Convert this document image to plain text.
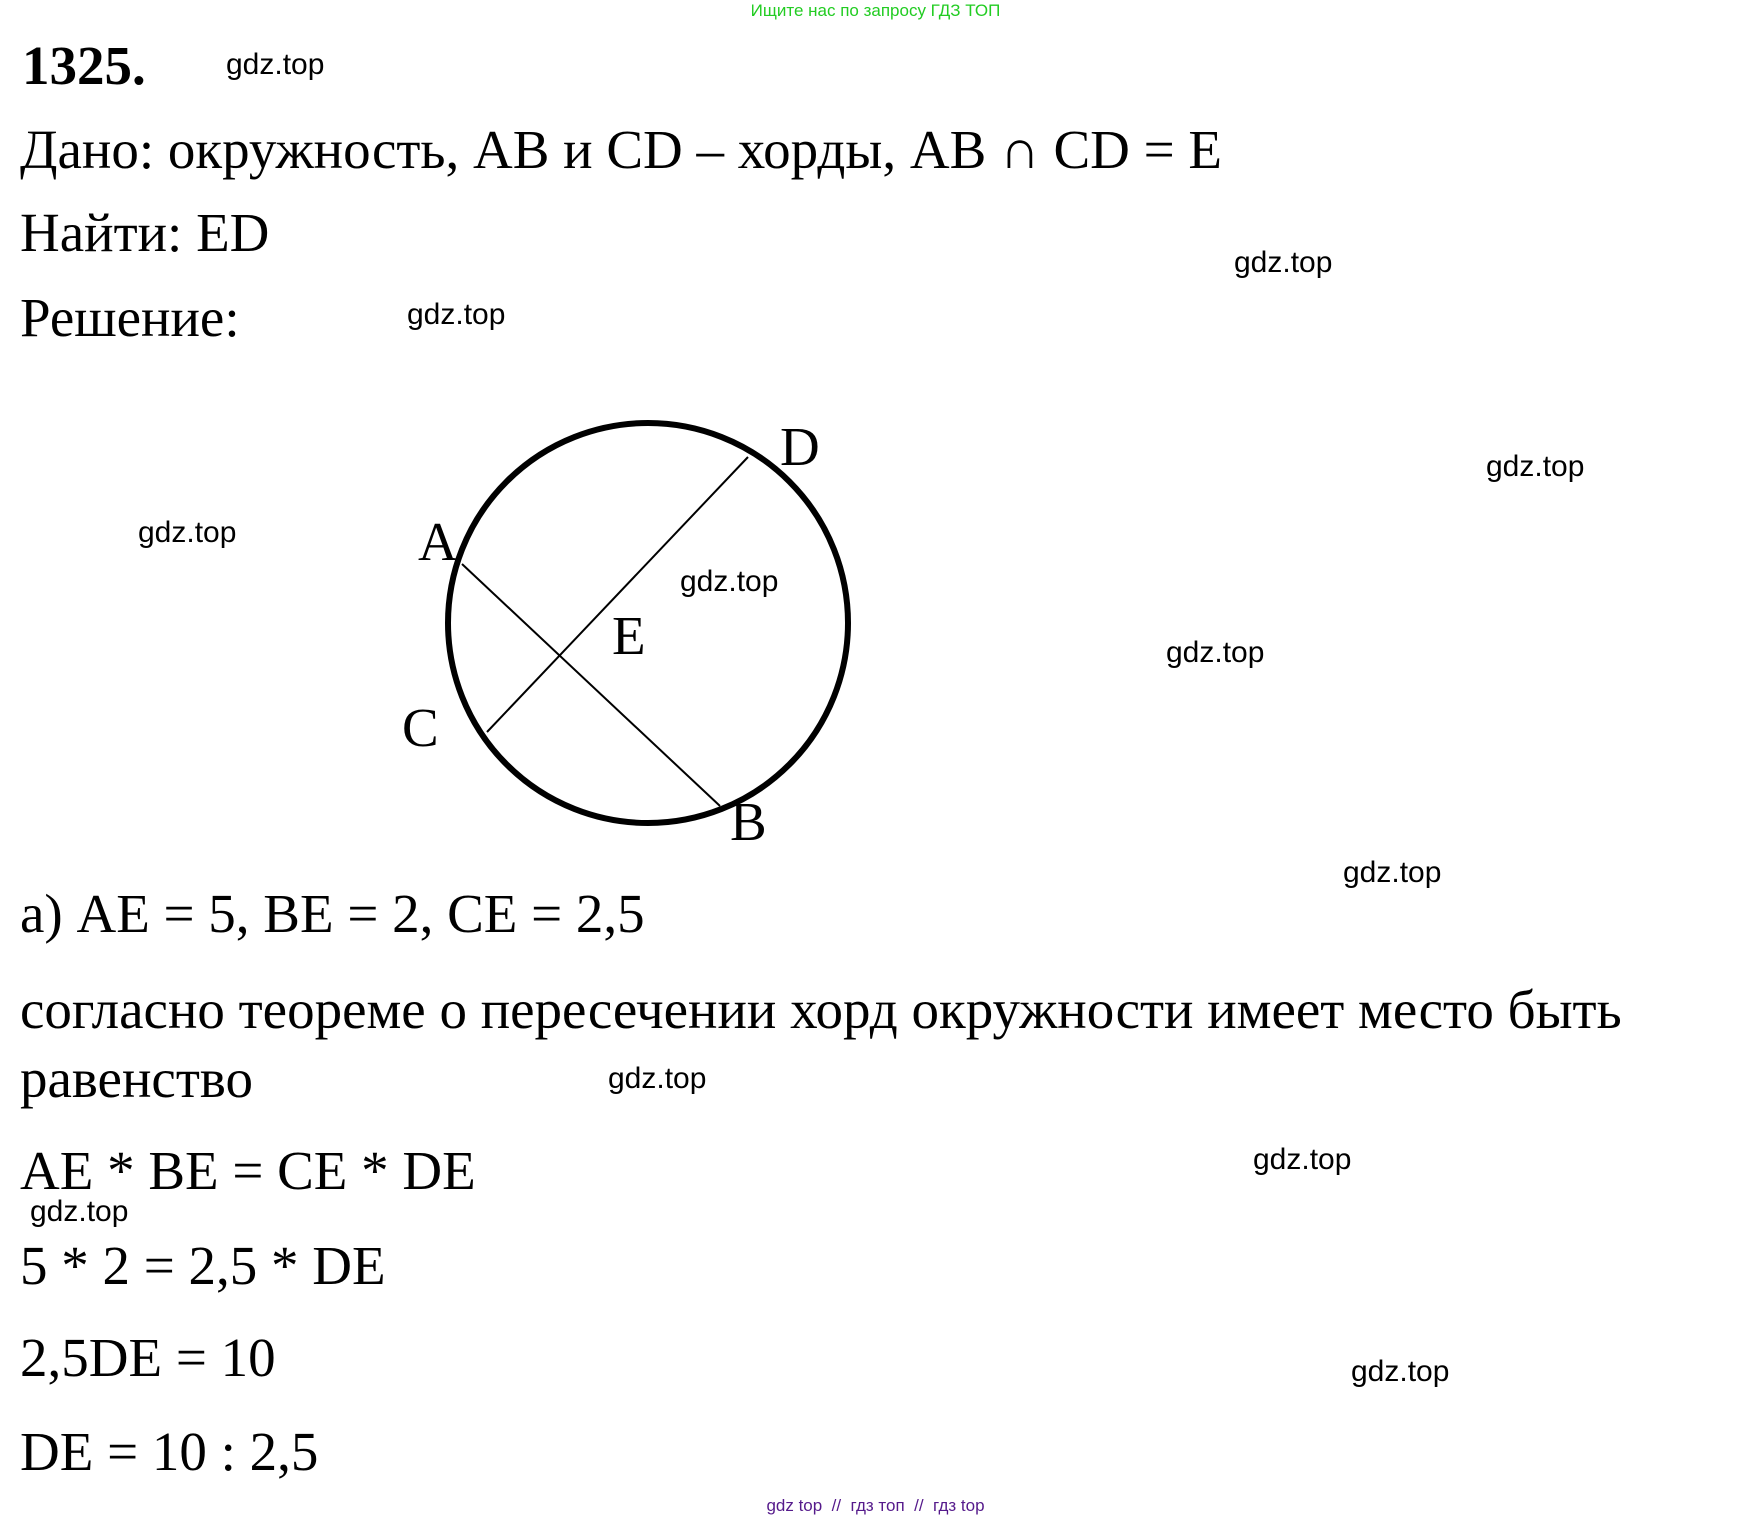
Ищите нас по запросу ГДЗ ТОП
1325.
Дано: окружность, AB и CD – хорды, AB ∩ CD = E
Найти: ED
Решение:
A
D
E
C
B
а) AE = 5, BE = 2, CE = 2,5
согласно теореме о пересечении хорд окружности имеет место быть
равенство
AE * BE = CE * DE
5 * 2 = 2,5 * DE
2,5DE = 10
DE = 10 : 2,5
gdz.top
gdz.top
gdz.top
gdz.top
gdz.top
gdz.top
gdz.top
gdz.top
gdz.top
gdz.top
gdz.top
gdz.top
gdz top  //  гдз топ  //  гдз top
